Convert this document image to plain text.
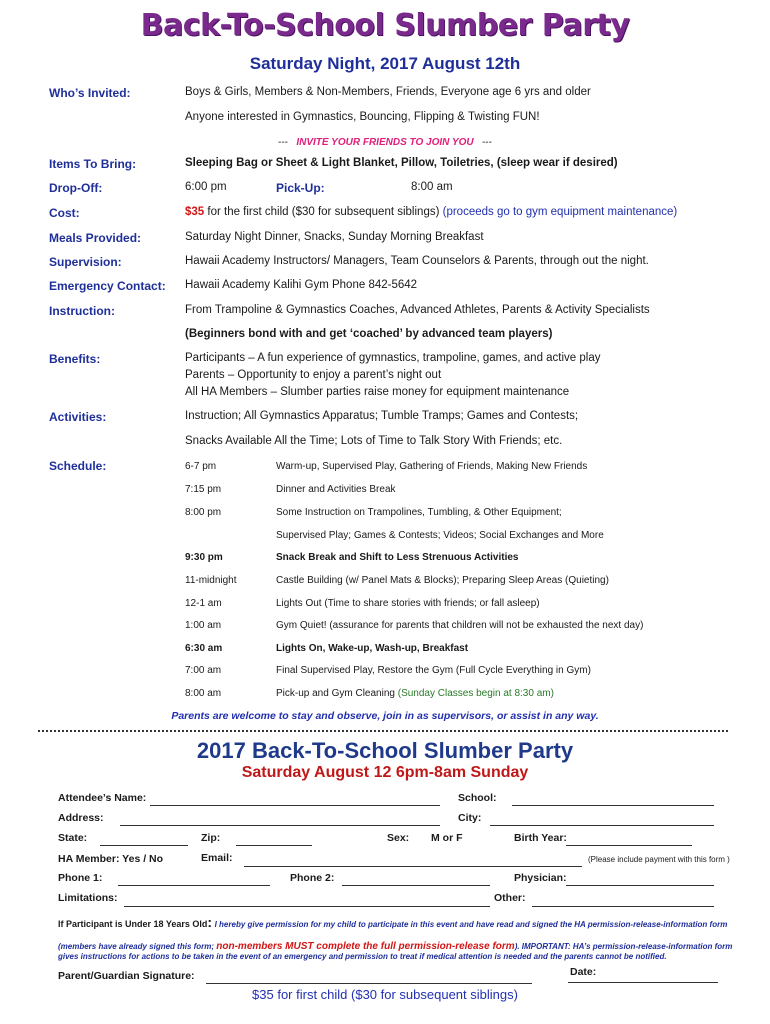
Back-To-School Slumber Party
Saturday Night, 2017 August 12th
Who’s Invited:	Boys & Girls, Members & Non-Members, Friends, Everyone age 6 yrs and older
Anyone interested in Gymnastics, Bouncing, Flipping & Twisting FUN!
--- INVITE YOUR FRIENDS TO JOIN YOU ---
Items To Bring:	Sleeping Bag or Sheet & Light Blanket, Pillow, Toiletries, (sleep wear if desired)
Drop-Off:	6:00 pm	Pick-Up:	8:00 am
Cost:	$35 for the first child ($30 for subsequent siblings) (proceeds go to gym equipment maintenance)
Meals Provided:	Saturday Night Dinner, Snacks, Sunday Morning Breakfast
Supervision:	Hawaii Academy Instructors/ Managers, Team Counselors & Parents, through out the night.
Emergency Contact: Hawaii Academy Kalihi Gym Phone 842-5642
Instruction:	From Trampoline & Gymnastics Coaches, Advanced Athletes, Parents & Activity Specialists
(Beginners bond with and get ‘coached’ by advanced team players)
Benefits:	Participants – A fun experience of gymnastics, trampoline, games, and active play
Parents – Opportunity to enjoy a parent’s night out
All HA Members – Slumber parties raise money for equipment maintenance
Activities:	Instruction; All Gymnastics Apparatus; Tumble Tramps; Games and Contests;
Snacks Available All the Time; Lots of Time to Talk Story With Friends; etc.
Schedule:	6-7 pm	Warm-up, Supervised Play, Gathering of Friends, Making New Friends
7:15 pm	Dinner and Activities Break
8:00 pm	Some Instruction on Trampolines, Tumbling, & Other Equipment;
Supervised Play; Games & Contests; Videos; Social Exchanges and More
9:30 pm	Snack Break and Shift to Less Strenuous Activities
11-midnight	Castle Building (w/ Panel Mats & Blocks); Preparing Sleep Areas (Quieting)
12-1 am	Lights Out (Time to share stories with friends; or fall asleep)
1:00 am	Gym Quiet! (assurance for parents that children will not be exhausted the next day)
6:30 am	Lights On, Wake-up, Wash-up, Breakfast
7:00 am	Final Supervised Play, Restore the Gym (Full Cycle Everything in Gym)
8:00 am	Pick-up and Gym Cleaning (Sunday Classes begin at 8:30 am)
Parents are welcome to stay and observe, join in as supervisors, or assist in any way.
2017 Back-To-School Slumber Party
Saturday August 12 6pm-8am Sunday
Attendee’s Name:	School:
Address:	City:
State:	Zip:	Sex: M or F	Birth Year:
HA Member: Yes / No	Email:	(Please include payment with this form )
Phone 1:	Phone 2:	Physician:
Limitations:	Other:
If Participant is Under 18 Years Old: I hereby give permission for my child to participate in this event and have read and signed the HA permission-release-information form
(members have already signed this form; non-members MUST complete the full permission-release form). IMPORTANT: HA’s permission-release-information form
gives instructions for actions to be taken in the event of an emergency and permission to treat if medical attention is needed and the parents cannot be notified.
Parent/Guardian Signature:	Date:
$35 for first child ($30 for subsequent siblings)
